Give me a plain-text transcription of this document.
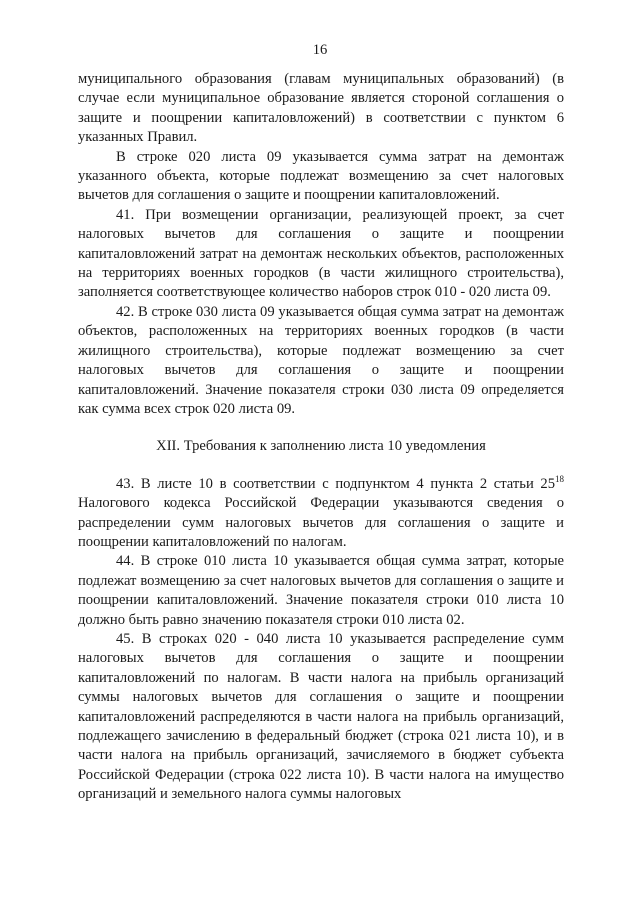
16

муниципального образования (главам муниципальных образований) (в случае если муниципальное образование является стороной соглашения о защите и поощрении капиталовложений) в соответствии с пунктом 6 указанных Правил.

В строке 020 листа 09 указывается сумма затрат на демонтаж указанного объекта, которые подлежат возмещению за счет налоговых вычетов для соглашения о защите и поощрении капиталовложений.

41. При возмещении организации, реализующей проект, за счет налоговых вычетов для соглашения о защите и поощрении капиталовложений затрат на демонтаж нескольких объектов, расположенных на территориях военных городков (в части жилищного строительства), заполняется соответствующее количество наборов строк 010 - 020 листа 09.

42. В строке 030 листа 09 указывается общая сумма затрат на демонтаж объектов, расположенных на территориях военных городков (в части жилищного строительства), которые подлежат возмещению за счет налоговых вычетов для соглашения о защите и поощрении капиталовложений. Значение показателя строки 030 листа 09 определяется как сумма всех строк 020 листа 09.

XII. Требования к заполнению листа 10 уведомления

43. В листе 10 в соответствии с подпунктом 4 пункта 2 статьи $25^{18}$ Налогового кодекса Российской Федерации указываются сведения о распределении сумм налоговых вычетов для соглашения о защите и поощрении капиталовложений по налогам.

44. В строке 010 листа 10 указывается общая сумма затрат, которые подлежат возмещению за счет налоговых вычетов для соглашения о защите и поощрении капиталовложений. Значение показателя строки 010 листа 10 должно быть равно значению показателя строки 010 листа 02.

45. В строках 020 - 040 листа 10 указывается распределение сумм налоговых вычетов для соглашения о защите и поощрении капиталовложений по налогам. В части налога на прибыль организаций суммы налоговых вычетов для соглашения о защите и поощрении капиталовложений распределяются в части налога на прибыль организаций, подлежащего зачислению в федеральный бюджет (строка 021 листа 10), и в части налога на прибыль организаций, зачисляемого в бюджет субъекта Российской Федерации (строка 022 листа 10). В части налога на имущество организаций и земельного налога суммы налоговых
